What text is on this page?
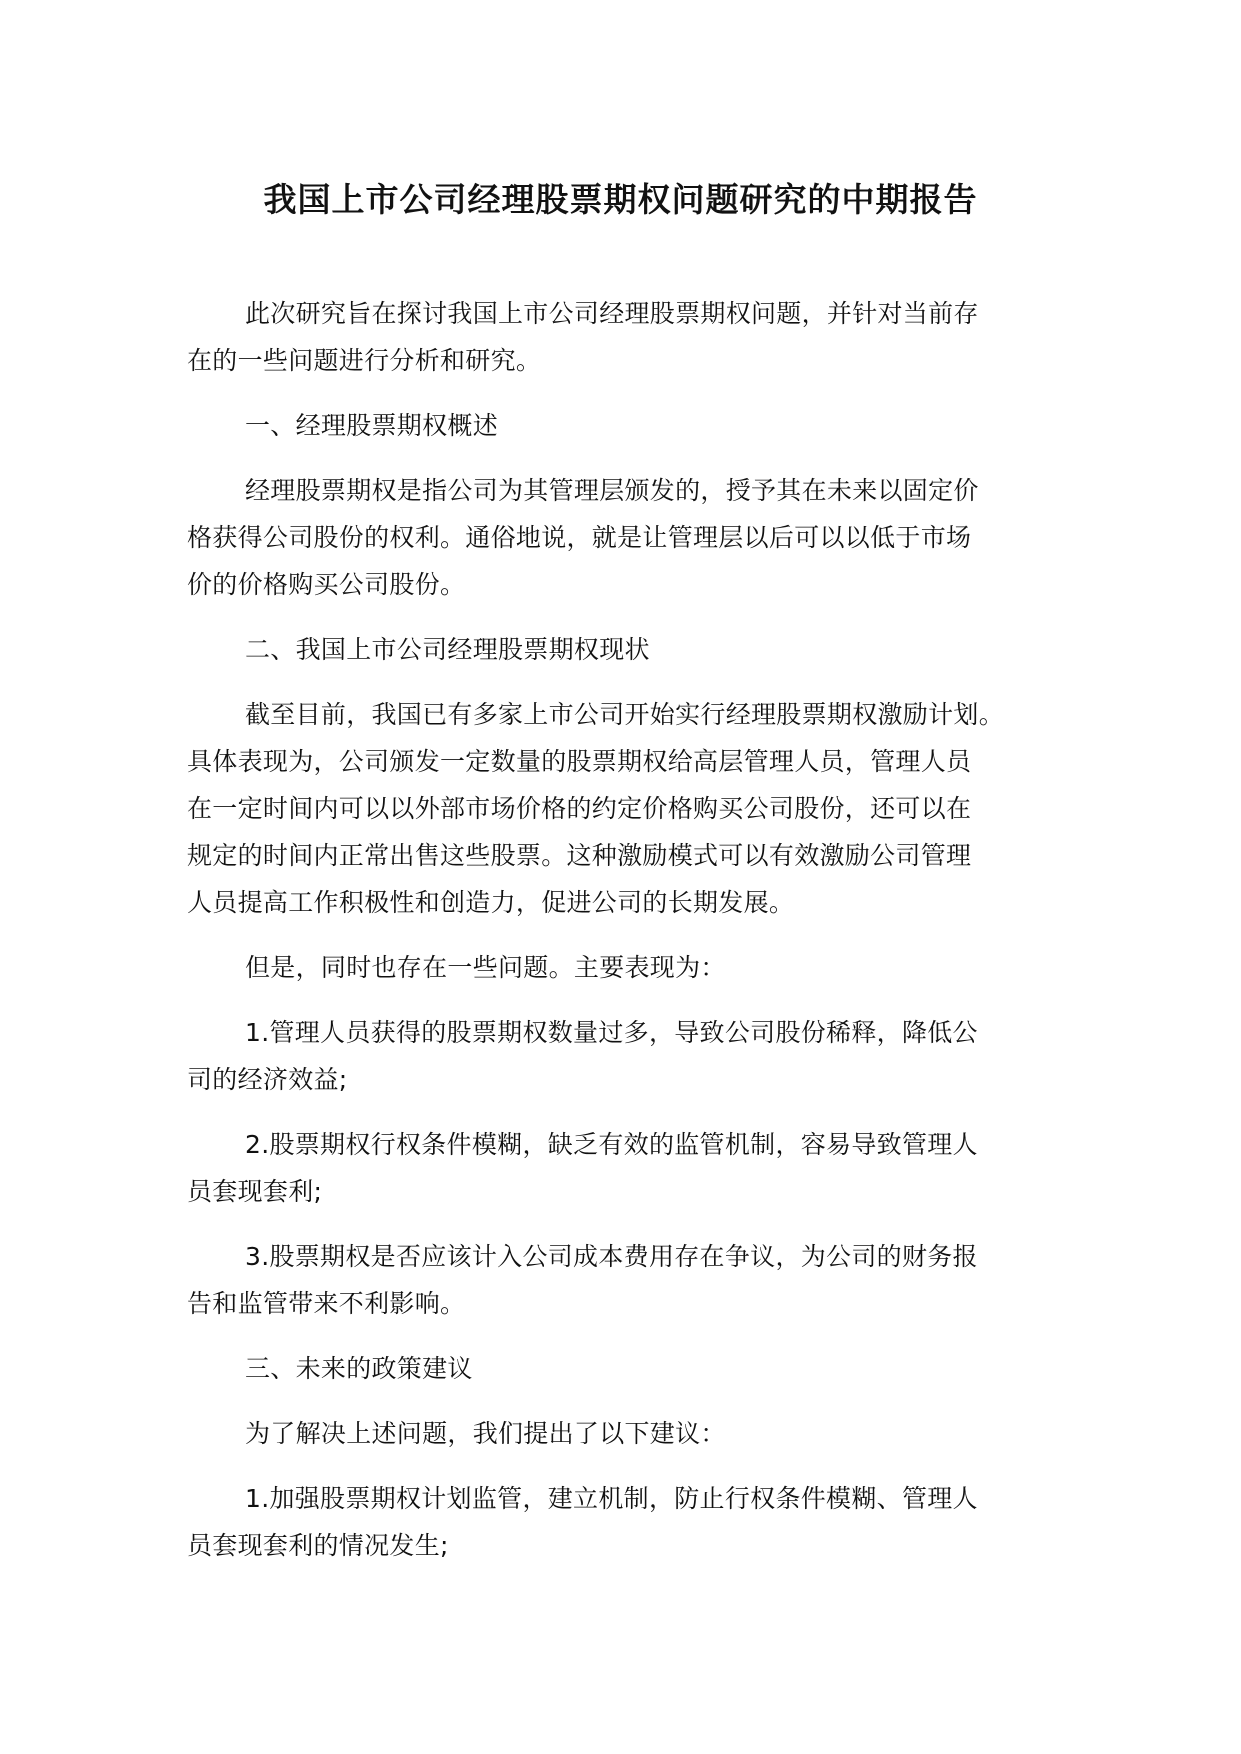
我国上市公司经理股票期权问题研究的中期报告

此次研究旨在探讨我国上市公司经理股票期权问题，并针对当前存
在的一些问题进行分析和研究。

一、经理股票期权概述

经理股票期权是指公司为其管理层颁发的，授予其在未来以固定价
格获得公司股份的权利。通俗地说，就是让管理层以后可以以低于市场
价的价格购买公司股份。

二、我国上市公司经理股票期权现状

截至目前，我国已有多家上市公司开始实行经理股票期权激励计划。
具体表现为，公司颁发一定数量的股票期权给高层管理人员，管理人员
在一定时间内可以以外部市场价格的约定价格购买公司股份，还可以在
规定的时间内正常出售这些股票。这种激励模式可以有效激励公司管理
人员提高工作积极性和创造力，促进公司的长期发展。

但是，同时也存在一些问题。主要表现为：

1.管理人员获得的股票期权数量过多，导致公司股份稀释，降低公
司的经济效益;

2.股票期权行权条件模糊，缺乏有效的监管机制，容易导致管理人
员套现套利;

3.股票期权是否应该计入公司成本费用存在争议，为公司的财务报
告和监管带来不利影响。

三、未来的政策建议

为了解决上述问题，我们提出了以下建议：

1.加强股票期权计划监管，建立机制，防止行权条件模糊、管理人
员套现套利的情况发生;
